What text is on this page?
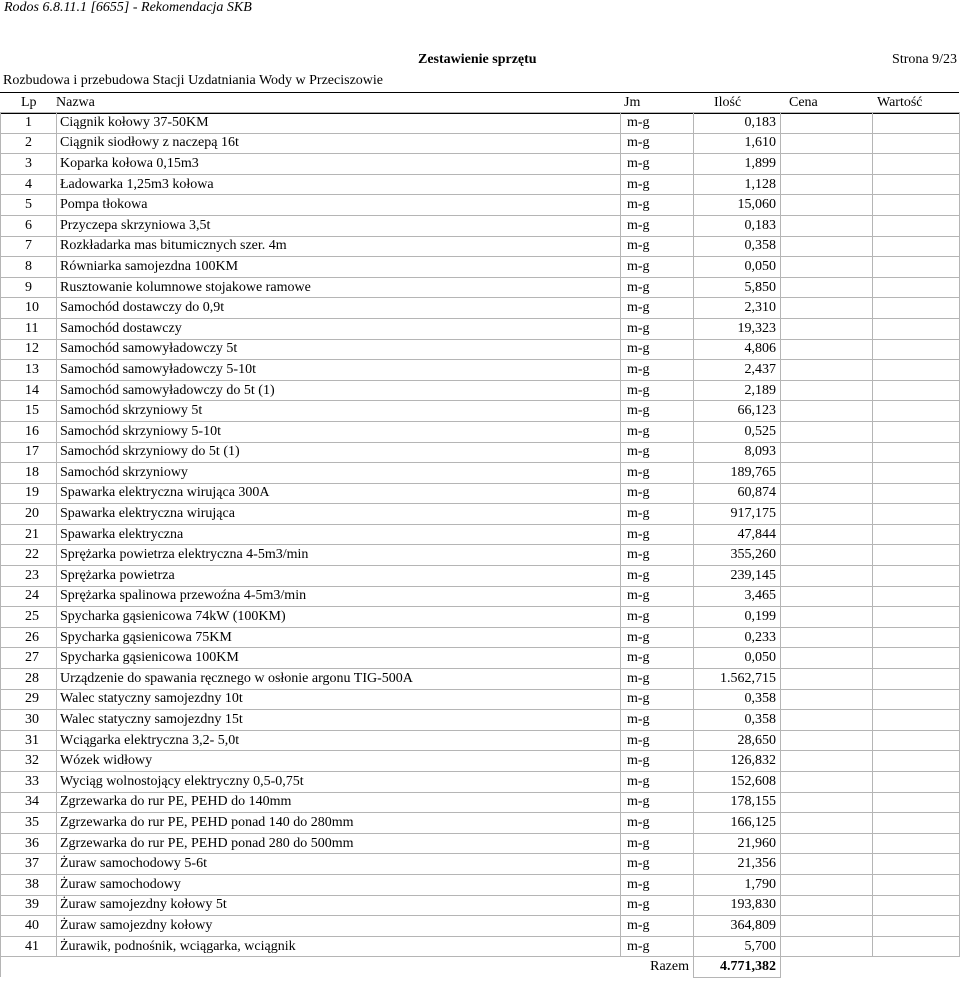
Rodos 6.8.11.1 [6655] - Rekomendacja SKB
Zestawienie sprzętu	Strona 9/23
Rozbudowa i przebudowa Stacji Uzdatniania Wody w Przeciszowie
Lp	Nazwa	Jm	Ilość	Cena	Wartość
1	Ciągnik kołowy 37-50KM	m-g	0,183		
2	Ciągnik siodłowy z naczepą 16t	m-g	1,610		
3	Koparka kołowa 0,15m3	m-g	1,899		
4	Ładowarka 1,25m3 kołowa	m-g	1,128		
5	Pompa tłokowa	m-g	15,060		
6	Przyczepa skrzyniowa 3,5t	m-g	0,183		
7	Rozkładarka mas bitumicznych szer. 4m	m-g	0,358		
8	Równiarka samojezdna 100KM	m-g	0,050		
9	Rusztowanie kolumnowe stojakowe ramowe	m-g	5,850		
10	Samochód dostawczy do 0,9t	m-g	2,310		
11	Samochód dostawczy	m-g	19,323		
12	Samochód samowyładowczy 5t	m-g	4,806		
13	Samochód samowyładowczy 5-10t	m-g	2,437		
14	Samochód samowyładowczy do 5t (1)	m-g	2,189		
15	Samochód skrzyniowy 5t	m-g	66,123		
16	Samochód skrzyniowy 5-10t	m-g	0,525		
17	Samochód skrzyniowy do 5t (1)	m-g	8,093		
18	Samochód skrzyniowy	m-g	189,765		
19	Spawarka elektryczna wirująca 300A	m-g	60,874		
20	Spawarka elektryczna wirująca	m-g	917,175		
21	Spawarka elektryczna	m-g	47,844		
22	Sprężarka powietrza elektryczna 4-5m3/min	m-g	355,260		
23	Sprężarka powietrza	m-g	239,145		
24	Sprężarka spalinowa przewoźna 4-5m3/min	m-g	3,465		
25	Spycharka gąsienicowa 74kW (100KM)	m-g	0,199		
26	Spycharka gąsienicowa 75KM	m-g	0,233		
27	Spycharka gąsienicowa 100KM	m-g	0,050		
28	Urządzenie do spawania ręcznego w osłonie argonu TIG-500A	m-g	1.562,715		
29	Walec statyczny samojezdny 10t	m-g	0,358		
30	Walec statyczny samojezdny 15t	m-g	0,358		
31	Wciągarka elektryczna 3,2- 5,0t	m-g	28,650		
32	Wózek widłowy	m-g	126,832		
33	Wyciąg wolnostojący elektryczny 0,5-0,75t	m-g	152,608		
34	Zgrzewarka do rur PE, PEHD do 140mm	m-g	178,155		
35	Zgrzewarka do rur PE, PEHD ponad 140 do 280mm	m-g	166,125		
36	Zgrzewarka do rur PE, PEHD ponad 280 do 500mm	m-g	21,960		
37	Żuraw samochodowy 5-6t	m-g	21,356		
38	Żuraw samochodowy	m-g	1,790		
39	Żuraw samojezdny kołowy 5t	m-g	193,830		
40	Żuraw samojezdny kołowy	m-g	364,809		
41	Żurawik, podnośnik, wciągarka, wciągnik	m-g	5,700		
	Razem		4.771,382		
